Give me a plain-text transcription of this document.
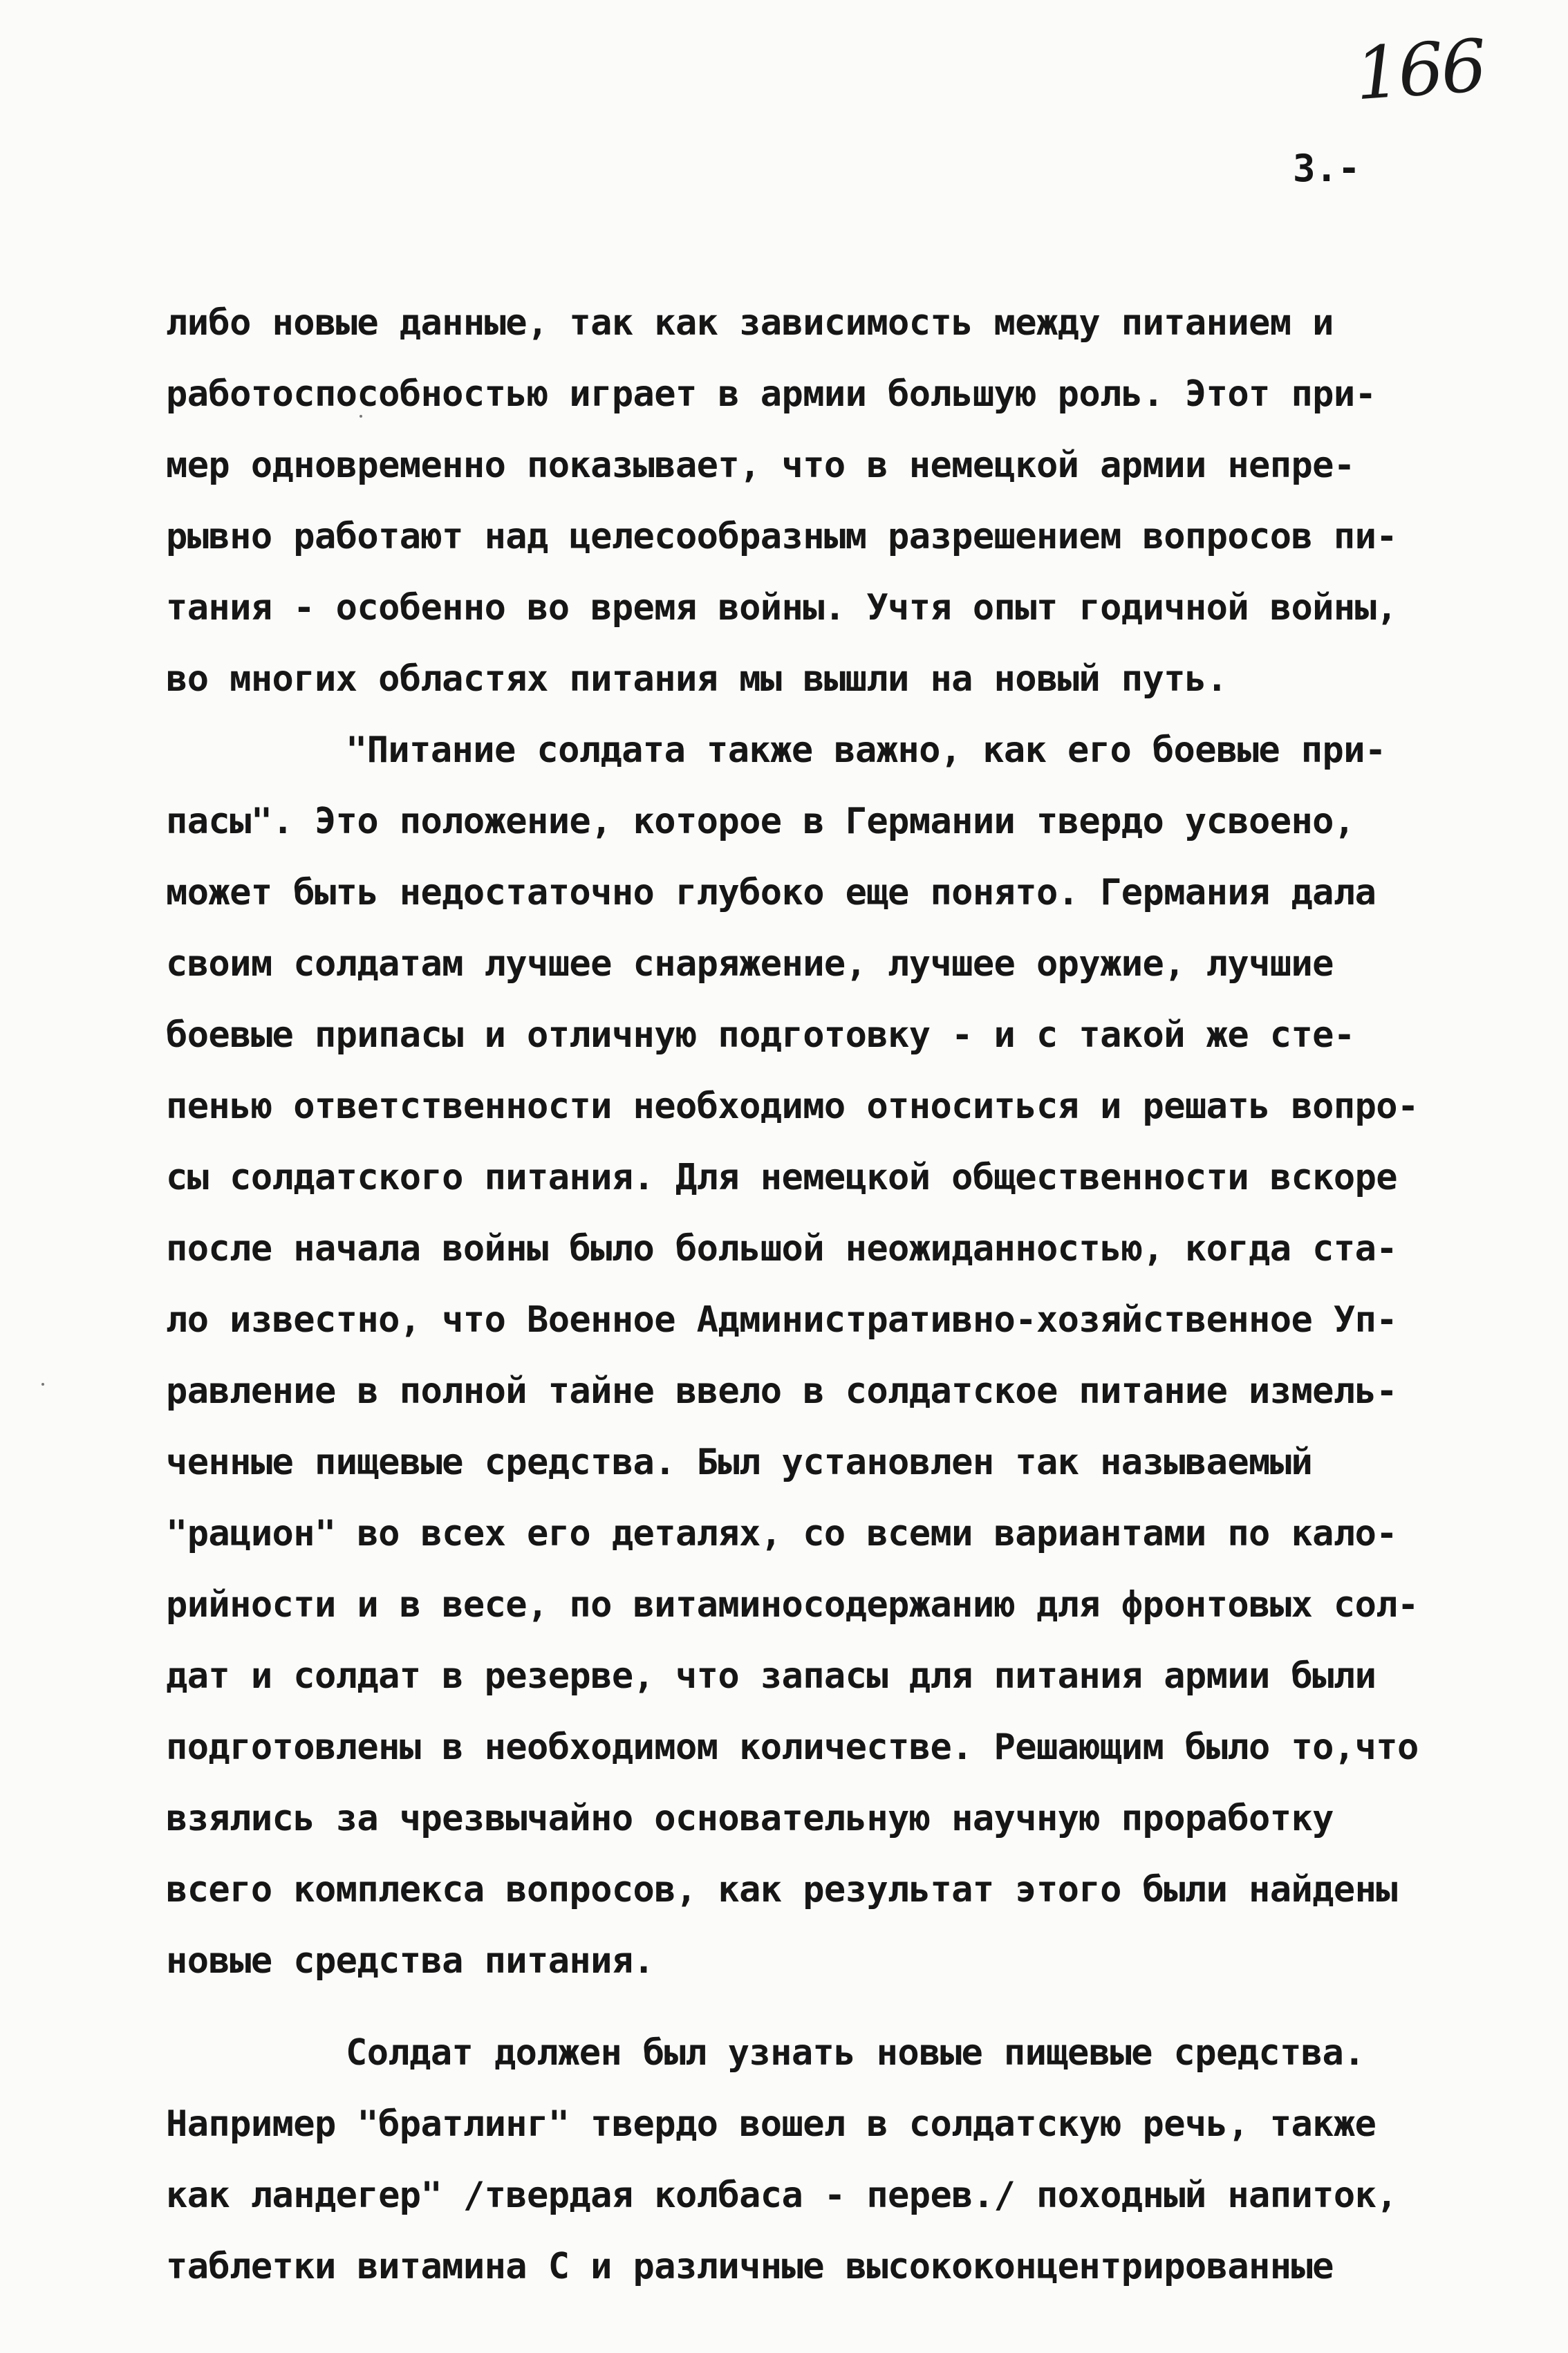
166
3.-
либо новые данные, так как зависимость между питанием и
работоспособностью играет в армии большую роль. Этот при-
мер одновременно показывает, что в немецкой армии непре-
рывно работают над целесообразным разрешением вопросов пи-
тания - особенно во время войны. Учтя опыт годичной войны,
во многих областях питания мы вышли на новый путь.
"Питание солдата также важно, как его боевые при-
пасы". Это положение, которое в Германии твердо усвоено,
может быть недостаточно глубоко еще понято. Германия дала
своим солдатам лучшее снаряжение, лучшее оружие, лучшие
боевые припасы и отличную подготовку - и с такой же сте-
пенью ответственности необходимо относиться и решать вопро-
сы солдатского питания. Для немецкой общественности вскоре
после начала войны было большой неожиданностью, когда ста-
ло известно, что Военное Административно-хозяйственное Уп-
равление в полной тайне ввело в солдатское питание измель-
ченные пищевые средства. Был установлен так называемый
"рацион" во всех его деталях, со всеми вариантами по кало-
рийности и в весе, по витаминосодержанию для фронтовых сол-
дат и солдат в резерве, что запасы для питания армии были
подготовлены в необходимом количестве. Решающим было то,что
взялись за чрезвычайно основательную научную проработку
всего комплекса вопросов, как результат этого были найдены
новые средства питания.
Солдат должен был узнать новые пищевые средства.
Например "братлинг" твердо вошел в солдатскую речь, также
как ландегер" /твердая колбаса - перев./ походный напиток,
таблетки витамина С и различные высококонцентрированные
